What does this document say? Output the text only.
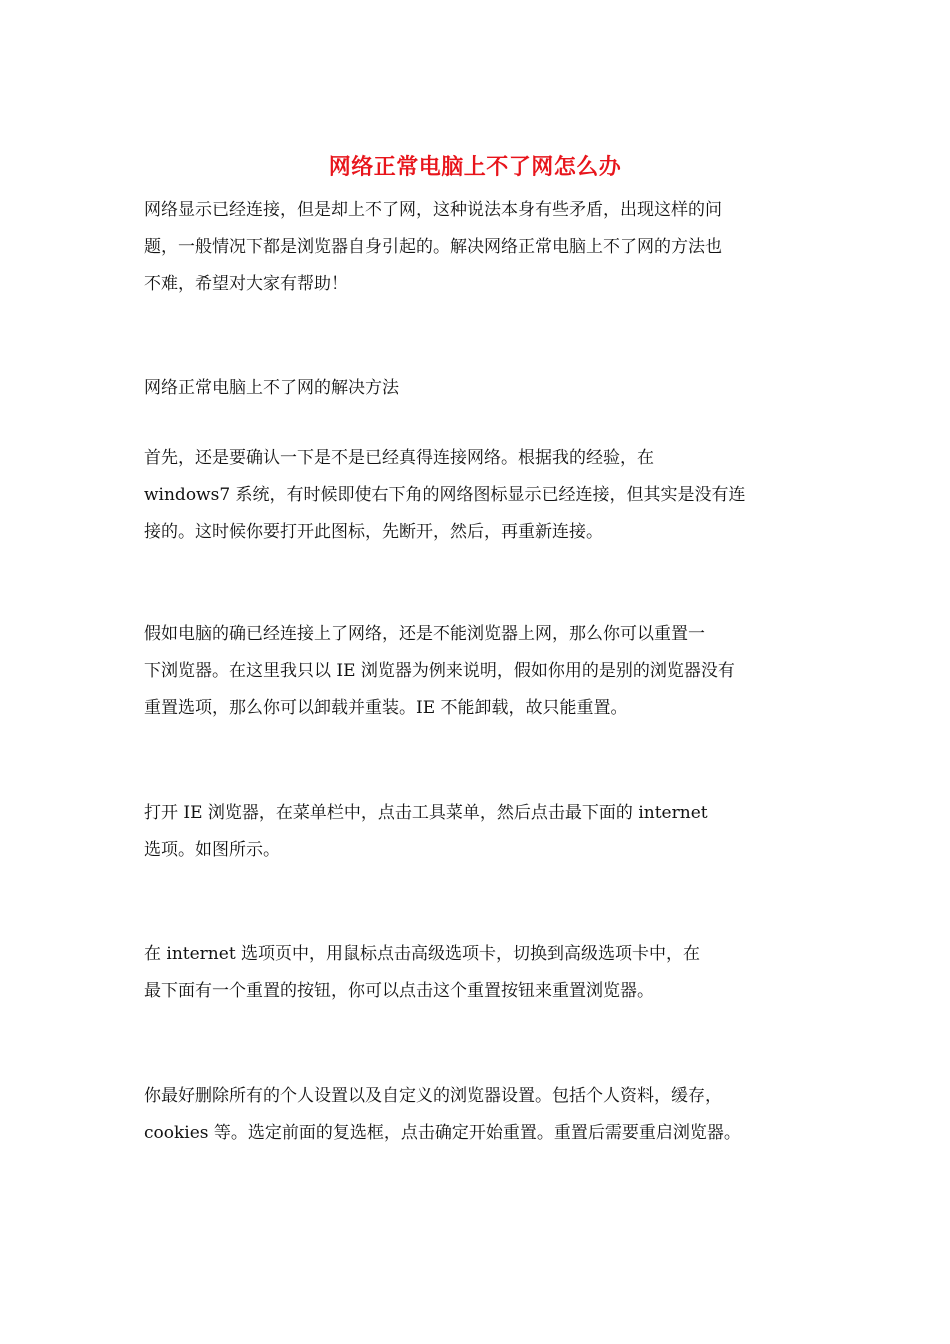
网络正常电脑上不了网怎么办
网络显示已经连接，但是却上不了网，这种说法本身有些矛盾，出现这样的问
题，一般情况下都是浏览器自身引起的。解决网络正常电脑上不了网的方法也
不难，希望对大家有帮助！
网络正常电脑上不了网的解决方法
首先，还是要确认一下是不是已经真得连接网络。根据我的经验，在
windows7 系统，有时候即使右下角的网络图标显示已经连接，但其实是没有连
接的。这时候你要打开此图标，先断开，然后，再重新连接。
假如电脑的确已经连接上了网络，还是不能浏览器上网，那么你可以重置一
下浏览器。在这里我只以 IE 浏览器为例来说明，假如你用的是别的浏览器没有
重置选项，那么你可以卸载并重装。IE 不能卸载，故只能重置。
打开 IE 浏览器，在菜单栏中，点击工具菜单，然后点击最下面的 internet
选项。如图所示。
在 internet 选项页中，用鼠标点击高级选项卡，切换到高级选项卡中，在
最下面有一个重置的按钮，你可以点击这个重置按钮来重置浏览器。
你最好删除所有的个人设置以及自定义的浏览器设置。包括个人资料，缓存，
cookies 等。选定前面的复选框，点击确定开始重置。重置后需要重启浏览器。
